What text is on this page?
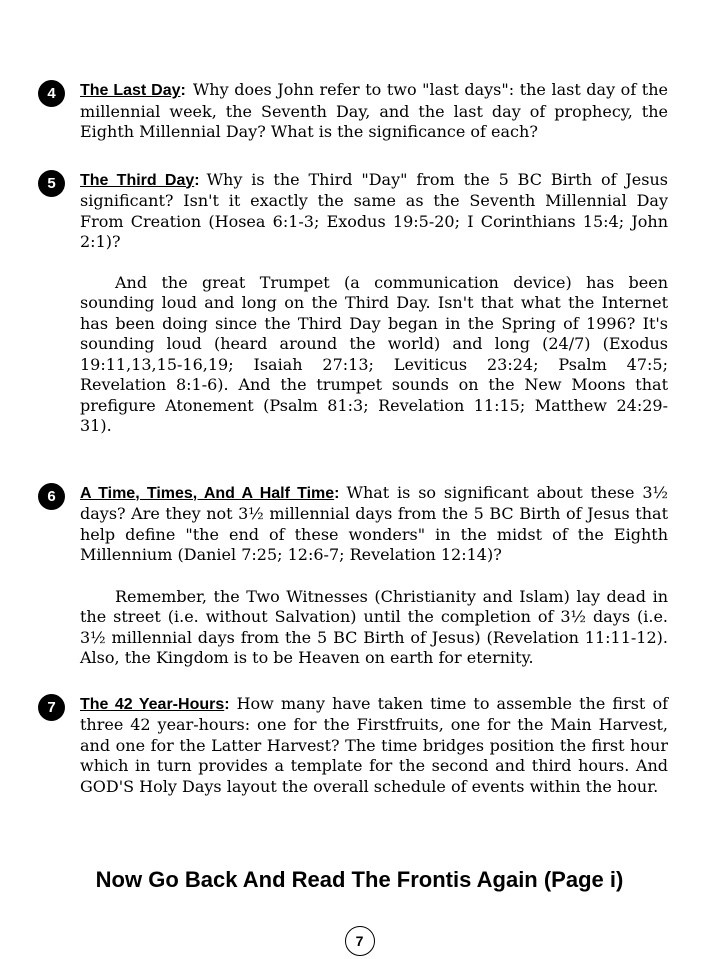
4 The Last Day: Why does John refer to two "last days": the last day of the millennial week, the Seventh Day, and the last day of prophecy, the Eighth Millennial Day? What is the significance of each?

5 The Third Day: Why is the Third "Day" from the 5 BC Birth of Jesus significant? Isn't it exactly the same as the Seventh Millennial Day From Creation (Hosea 6:1-3; Exodus 19:5-20; I Corinthians 15:4; John 2:1)?

And the great Trumpet (a communication device) has been sounding loud and long on the Third Day. Isn't that what the Internet has been doing since the Third Day began in the Spring of 1996? It's sounding loud (heard around the world) and long (24/7) (Exodus 19:11,13,15-16,19; Isaiah 27:13; Leviticus 23:24; Psalm 47:5; Revelation 8:1-6). And the trumpet sounds on the New Moons that prefigure Atonement (Psalm 81:3; Revelation 11:15; Matthew 24:29-31).

6 A Time, Times, And A Half Time: What is so significant about these 3½ days? Are they not 3½ millennial days from the 5 BC Birth of Jesus that help define "the end of these wonders" in the midst of the Eighth Millennium (Daniel 7:25; 12:6-7; Revelation 12:14)?

Remember, the Two Witnesses (Christianity and Islam) lay dead in the street (i.e. without Salvation) until the completion of 3½ days (i.e. 3½ millennial days from the 5 BC Birth of Jesus) (Revelation 11:11-12). Also, the Kingdom is to be Heaven on earth for eternity.

7 The 42 Year-Hours: How many have taken time to assemble the first of three 42 year-hours: one for the Firstfruits, one for the Main Harvest, and one for the Latter Harvest? The time bridges position the first hour which in turn provides a template for the second and third hours. And GOD'S Holy Days layout the overall schedule of events within the hour.

Now Go Back And Read The Frontis Again (Page i)
7
